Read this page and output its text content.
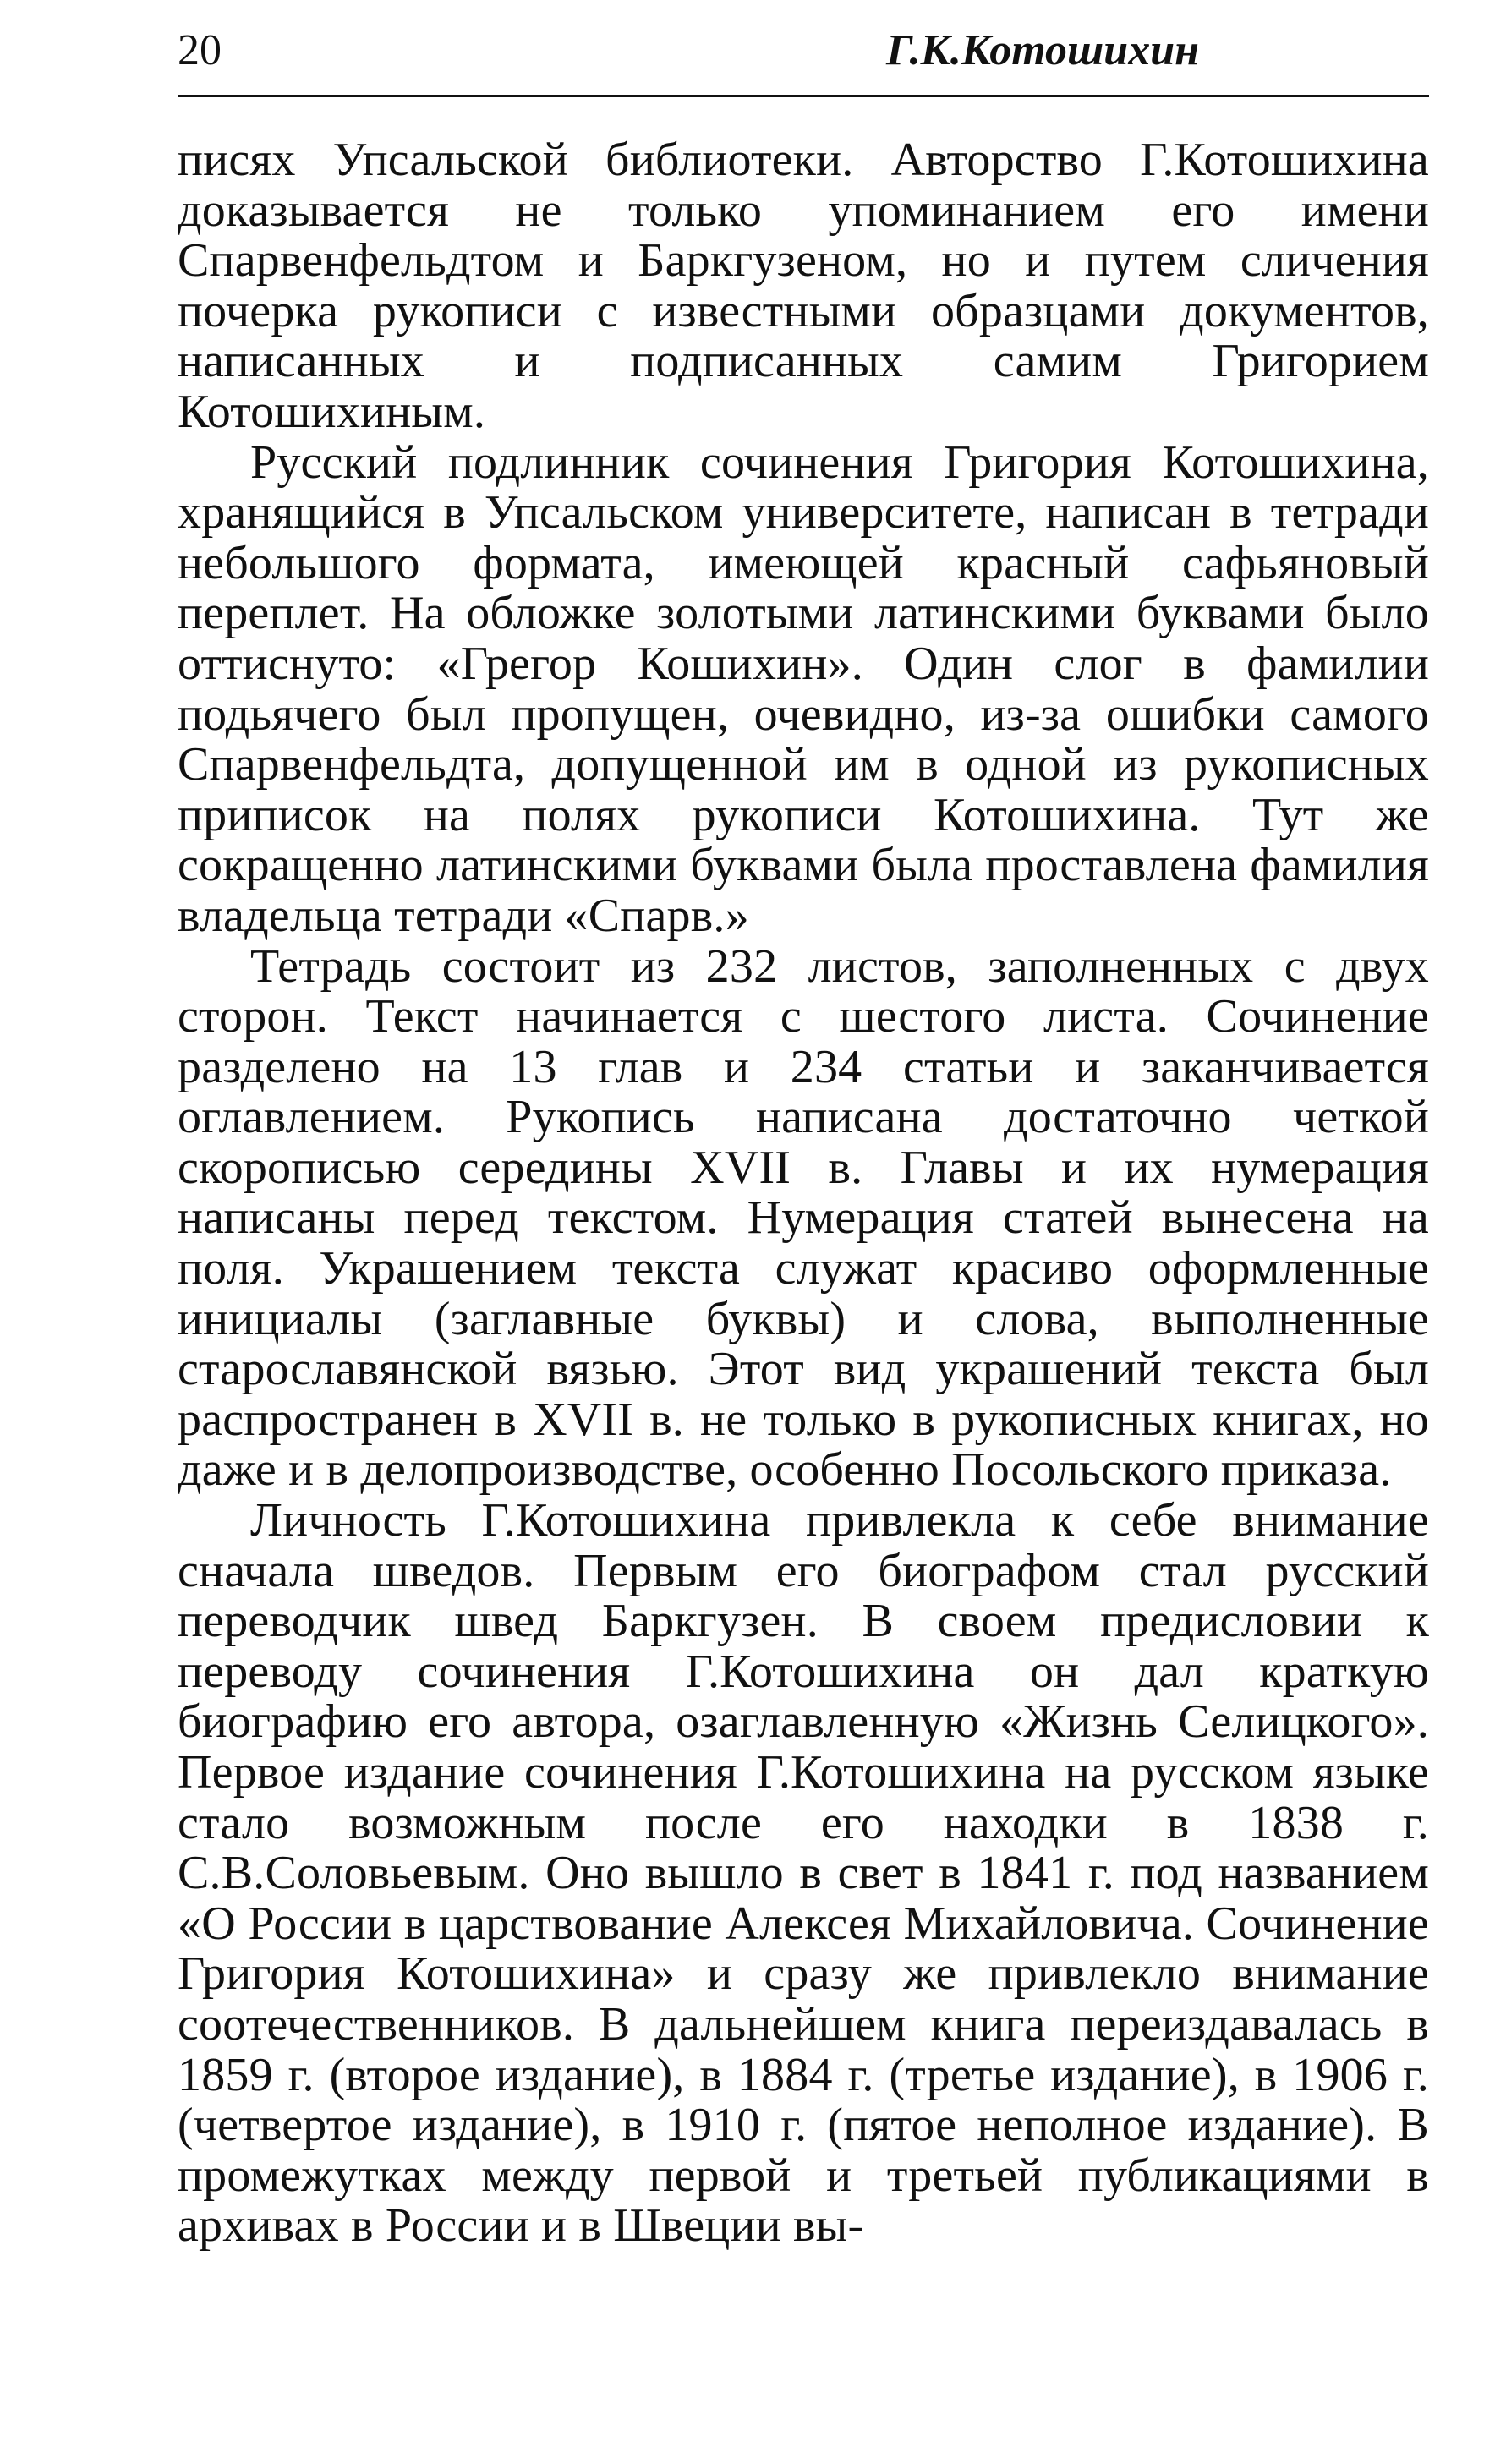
20	Г.К.Котошихин

писях Упсальской библиотеки. Авторство Г.Котошихина доказывается не только упоминанием его имени Спарвенфельдтом и Баркгузеном, но и путем сличения почерка рукописи с известными образцами документов, написанных и подписанных самим Григорием Котошихиным.

Русский подлинник сочинения Григория Котошихина, хранящийся в Упсальском университете, написан в тетради небольшого формата, имеющей красный сафьяновый переплет. На обложке золотыми латинскими буквами было оттиснуто: «Грегор Кошихин». Один слог в фамилии подьячего был пропущен, очевидно, из-за ошибки самого Спарвенфельдта, допущенной им в одной из рукописных приписок на полях рукописи Котошихина. Тут же сокращенно латинскими буквами была проставлена фамилия владельца тетради «Спарв.»

Тетрадь состоит из 232 листов, заполненных с двух сторон. Текст начинается с шестого листа. Сочинение разделено на 13 глав и 234 статьи и заканчивается оглавлением. Рукопись написана достаточно четкой скорописью середины XVII в. Главы и их нумерация написаны перед текстом. Нумерация статей вынесена на поля. Украшением текста служат красиво оформленные инициалы (заглавные буквы) и слова, выполненные старославянской вязью. Этот вид украшений текста был распространен в XVII в. не только в рукописных книгах, но даже и в делопроизводстве, особенно Посольского приказа.

Личность Г.Котошихина привлекла к себе внимание сначала шведов. Первым его биографом стал русский переводчик швед Баркгузен. В своем предисловии к переводу сочинения Г.Котошихина он дал краткую биографию его автора, озаглавленную «Жизнь Селицкого». Первое издание сочинения Г.Котошихина на русском языке стало возможным после его находки в 1838 г. С.В.Соловьевым. Оно вышло в свет в 1841 г. под названием «О России в царствование Алексея Михайловича. Сочинение Григория Котошихина» и сразу же привлекло внимание соотечественников. В дальнейшем книга переиздавалась в 1859 г. (второе издание), в 1884 г. (третье издание), в 1906 г. (четвертое издание), в 1910 г. (пятое неполное издание). В промежутках между первой и третьей публикациями в архивах в России и в Швеции вы-
